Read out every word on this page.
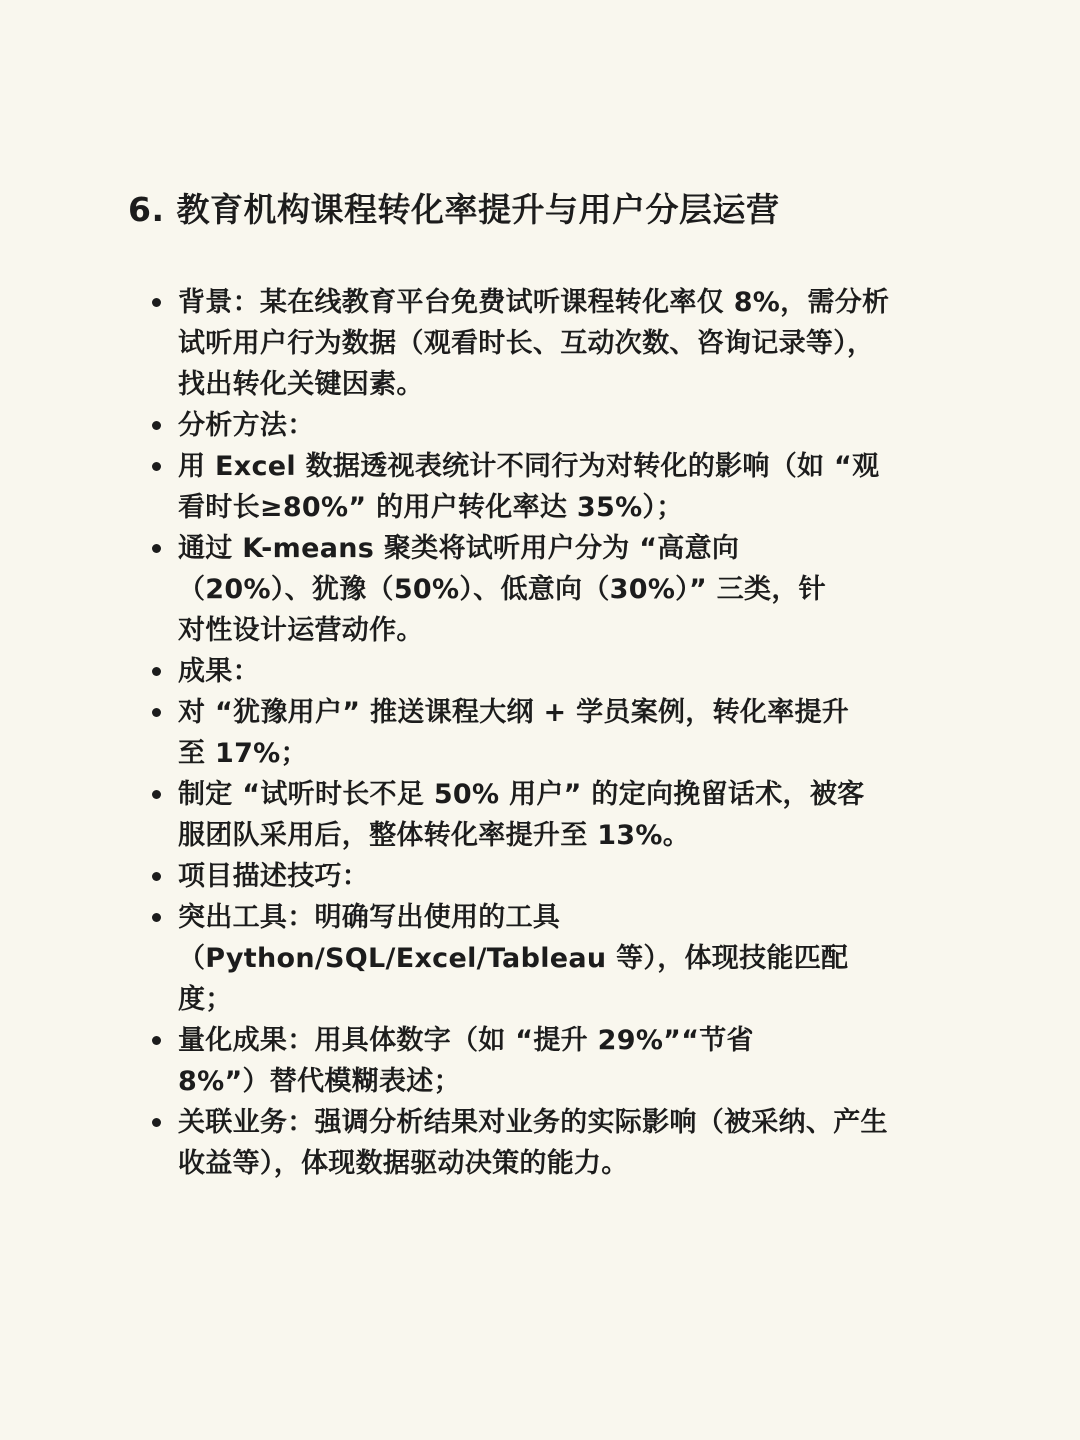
6. 教育机构课程转化率提升与用户分层运营
背景：某在线教育平台免费试听课程转化率仅 8%，需分析
试听用户行为数据（观看时长、互动次数、咨询记录等），
找出转化关键因素。
分析方法：
用 Excel 数据透视表统计不同行为对转化的影响（如 “观
看时长≥80%” 的用户转化率达 35%）；
通过 K-means 聚类将试听用户分为 “高意向
（20%）、犹豫（50%）、低意向（30%）” 三类，针
对性设计运营动作。
成果：
对 “犹豫用户” 推送课程大纲 + 学员案例，转化率提升
至 17%；
制定 “试听时长不足 50% 用户” 的定向挽留话术，被客
服团队采用后，整体转化率提升至 13%。
项目描述技巧：
突出工具：明确写出使用的工具
（Python/SQL/Excel/Tableau 等），体现技能匹配
度；
量化成果：用具体数字（如 “提升 29%”“节省
8%”）替代模糊表述；
关联业务：强调分析结果对业务的实际影响（被采纳、产生
收益等），体现数据驱动决策的能力。
